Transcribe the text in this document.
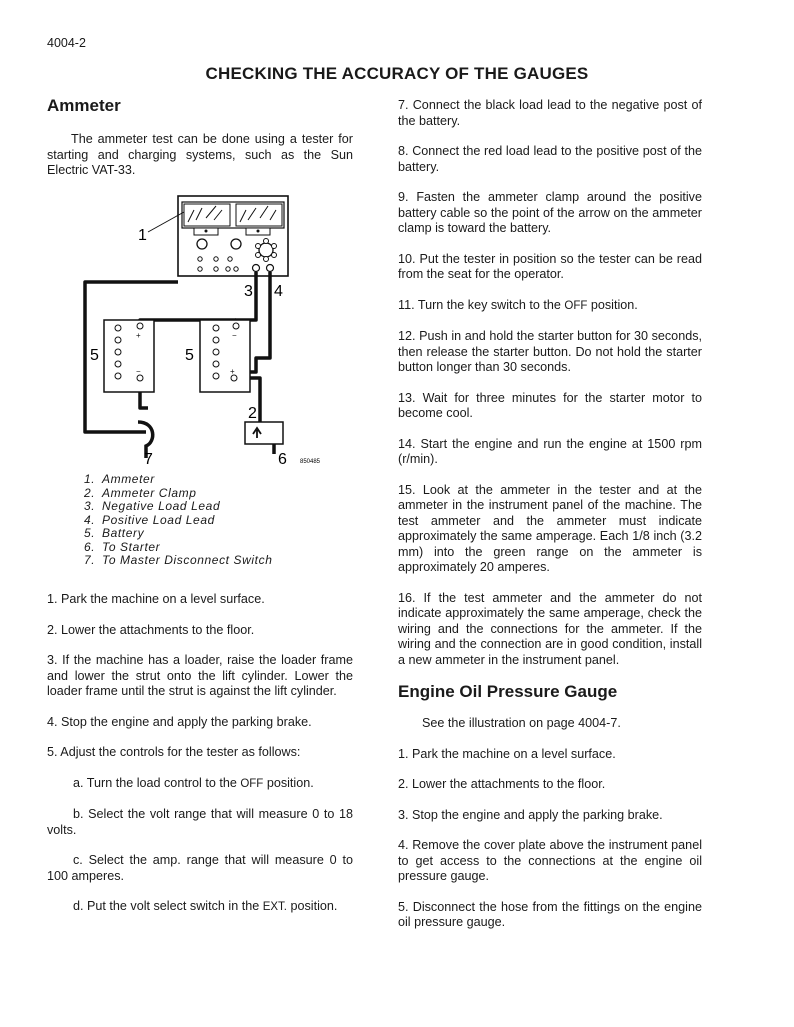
4004-2
CHECKING THE ACCURACY OF THE GAUGES
Ammeter

The ammeter test can be done using a tester for starting and charging systems, such as the Sun Electric VAT-33.

+
−
−
+
1
2
3 4
5	5
6
7	850485
1. Ammeter
2. Ammeter Clamp
3. Negative Load Lead
4. Positive Load Lead
5. Battery
6. To Starter
7. To Master Disconnect Switch

1. Park the machine on a level surface.

2. Lower the attachments to the floor.

3. If the machine has a loader, raise the loader frame and lower the strut onto the lift cylinder. Lower the loader frame until the strut is against the lift cylinder.

4. Stop the engine and apply the parking brake.

5. Adjust the controls for the tester as follows:

a. Turn the load control to the OFF position.

b. Select the volt range that will measure 0 to 18 volts.

c. Select the amp. range that will measure 0 to 100 amperes.

d. Put the volt select switch in the EXT. position.

7. Connect the black load lead to the negative post of the battery.

8. Connect the red load lead to the positive post of the battery.

9. Fasten the ammeter clamp around the positive battery cable so the point of the arrow on the ammeter clamp is toward the battery.

10. Put the tester in position so the tester can be read from the seat for the operator.

11. Turn the key switch to the OFF position.

12. Push in and hold the starter button for 30 seconds, then release the starter button. Do not hold the starter button longer than 30 seconds.

13. Wait for three minutes for the starter motor to become cool.

14. Start the engine and run the engine at 1500 rpm (r/min).

15. Look at the ammeter in the tester and at the ammeter in the instrument panel of the machine. The test ammeter and the ammeter must indicate approximately the same amperage. Each 1/8 inch (3.2 mm) into the green range on the ammeter is approximately 20 amperes.

16. If the test ammeter and the ammeter do not indicate approximately the same amperage, check the wiring and the connections for the ammeter. If the wiring and the connection are in good condition, install a new ammeter in the instrument panel.

Engine Oil Pressure Gauge

See the illustration on page 4004-7.

1. Park the machine on a level surface.

2. Lower the attachments to the floor.

3. Stop the engine and apply the parking brake.

4. Remove the cover plate above the instrument panel to get access to the connections at the engine oil pressure gauge.

5. Disconnect the hose from the fittings on the engine oil pressure gauge.
